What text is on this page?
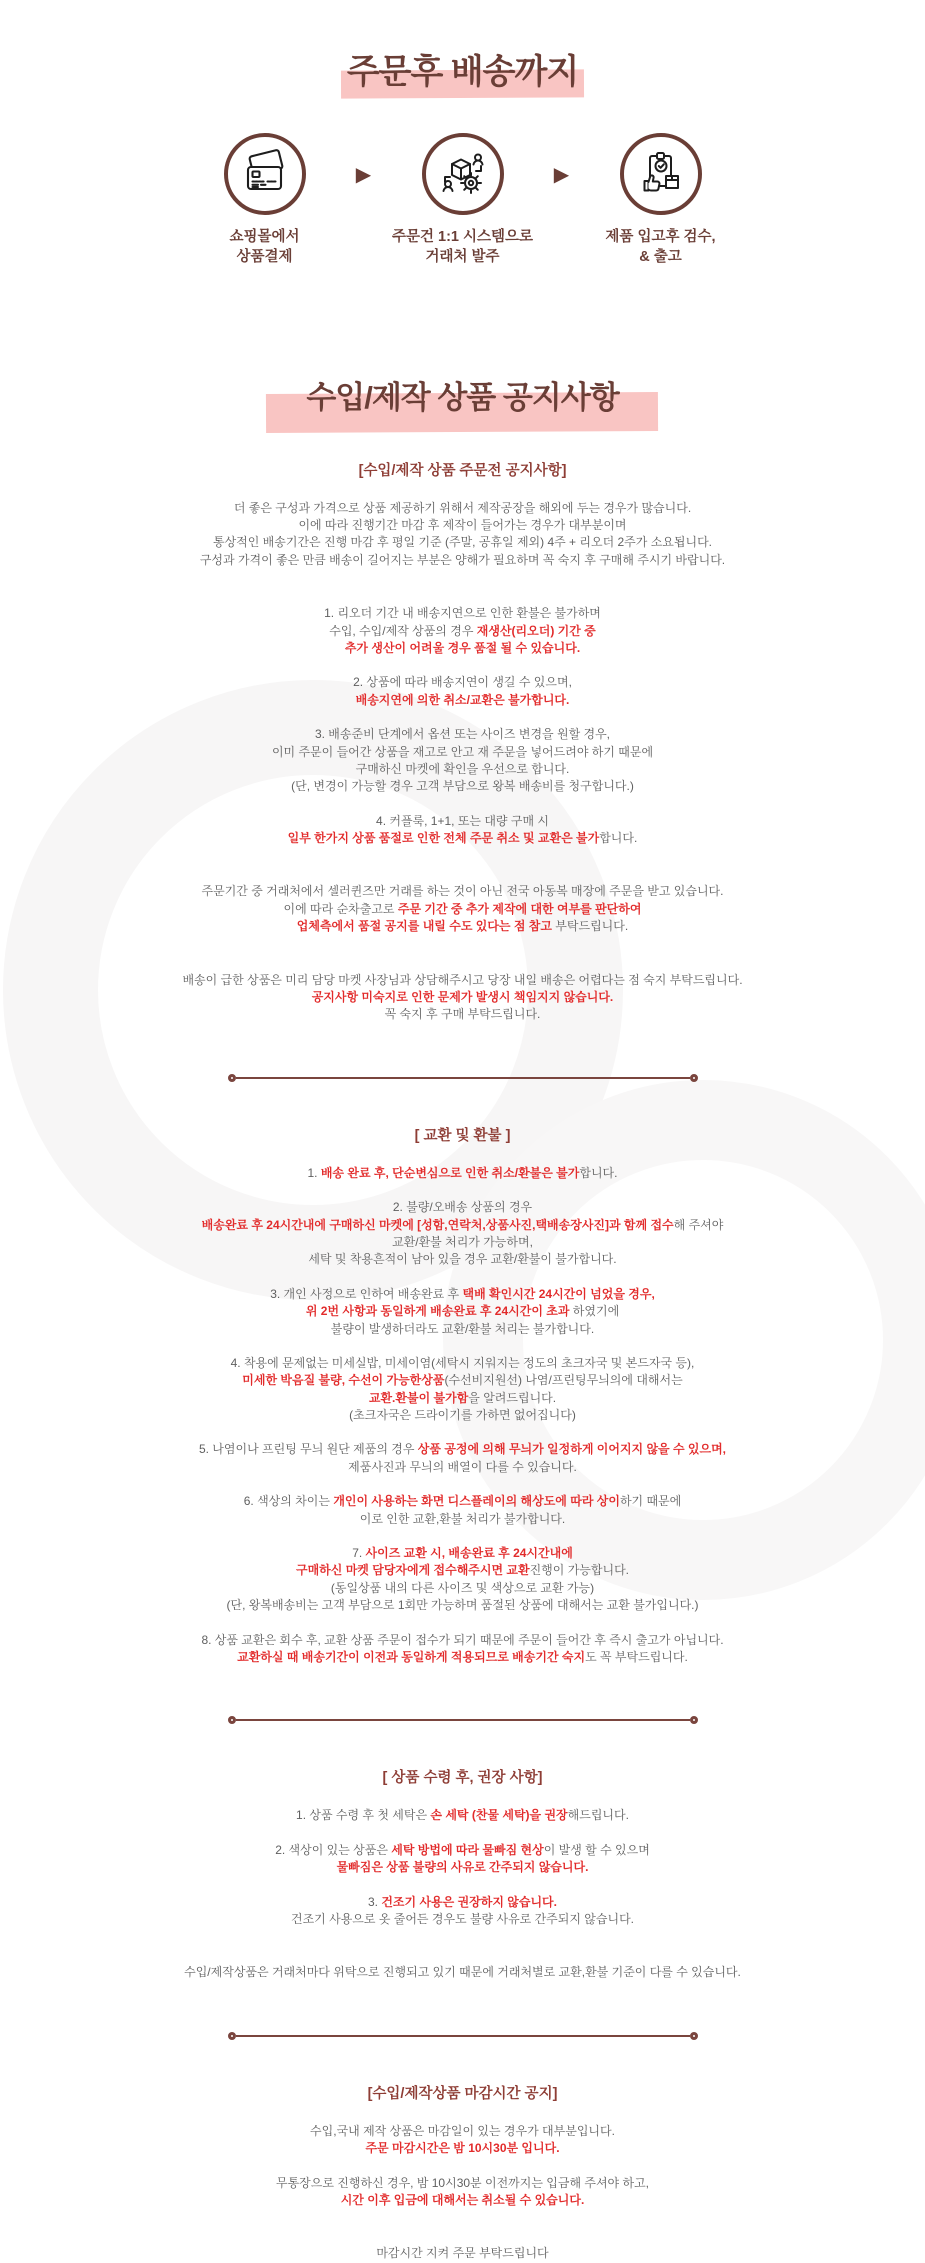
주문후 배송까지
쇼핑몰에서
상품결제
▶
주문건 1:1 시스템으로
거래처 발주
▶
제품 입고후 검수,
& 출고
수입/제작 상품 공지사항
[수입/제작 상품 주문전 공지사항]

더 좋은 구성과 가격으로 상품 제공하기 위해서 제작공장을 해외에 두는 경우가 많습니다.
이에 따라 진행기간 마감 후 제작이 들어가는 경우가 대부분이며
통상적인 배송기간은 진행 마감 후 평일 기준 (주말, 공휴일 제외) 4주 + 리오더 2주가 소요됩니다.
구성과 가격이 좋은 만큼 배송이 길어지는 부분은 양해가 필요하며 꼭 숙지 후 구매해 주시기 바랍니다.

1. 리오더 기간 내 배송지연으로 인한 환불은 불가하며
수입, 수입/제작 상품의 경우 재생산(리오더) 기간 중
추가 생산이 어려울 경우 품절 될 수 있습니다.

2. 상품에 따라 배송지연이 생길 수 있으며,
배송지연에 의한 취소/교환은 불가합니다.

3. 배송준비 단계에서 옵션 또는 사이즈 변경을 원할 경우,
이미 주문이 들어간 상품을 재고로 안고 재 주문을 넣어드려야 하기 때문에
구매하신 마켓에 확인을 우선으로 합니다.
(단, 변경이 가능할 경우 고객 부담으로 왕복 배송비를 청구합니다.)

4. 커플룩, 1+1, 또는 대량 구매 시
일부 한가지 상품 품절로 인한 전체 주문 취소 및 교환은 불가합니다.

주문기간 중 거래처에서 셀러퀸즈만 거래를 하는 것이 아닌 전국 아동복 매장에 주문을 받고 있습니다.
이에 따라 순차출고로 주문 기간 중 추가 제작에 대한 여부를 판단하여
업체측에서 품절 공지를 내릴 수도 있다는 점 참고 부탁드립니다.

배송이 급한 상품은 미리 담당 마켓 사장님과 상담해주시고 당장 내일 배송은 어렵다는 점 숙지 부탁드립니다.
공지사항 미숙지로 인한 문제가 발생시 책임지지 않습니다.
꼭 숙지 후 구매 부탁드립니다.

[ 교환 및 환불 ]

1. 배송 완료 후, 단순변심으로 인한 취소/환불은 불가합니다.

2. 불량/오배송 상품의 경우
배송완료 후 24시간내에 구매하신 마켓에 [성함,연락처,상품사진,택배송장사진]과 함께 접수해 주셔야
교환/환불 처리가 가능하며,
세탁 및 착용흔적이 남아 있을 경우 교환/환불이 불가합니다.

3. 개인 사정으로 인하여 배송완료 후 택배 확인시간 24시간이 넘었을 경우,
위 2번 사항과 동일하게 배송완료 후 24시간이 초과 하였기에
불량이 발생하더라도 교환/환불 처리는 불가합니다.

4. 착용에 문제없는 미세실밥, 미세이염(세탁시 지워지는 정도의 초크자국 및 본드자국 등),
미세한 박음질 불량, 수선이 가능한상품(수선비지원선) 나염/프린팅무늬의에 대해서는
교환.환불이 불가함을 알려드립니다.
(초크자국은 드라이기를 가하면 없어집니다)

5. 나염이나 프린팅 무늬 원단 제품의 경우 상품 공정에 의해 무늬가 일정하게 이어지지 않을 수 있으며,
제품사진과 무늬의 배열이 다를 수 있습니다.

6. 색상의 차이는 개인이 사용하는 화면 디스플레이의 해상도에 따라 상이하기 때문에
이로 인한 교환,환불 처리가 불가합니다.

7. 사이즈 교환 시, 배송완료 후 24시간내에
구매하신 마켓 담당자에게 접수해주시면 교환진행이 가능합니다.
(동일상품 내의 다른 사이즈 및 색상으로 교환 가능)
(단, 왕복배송비는 고객 부담으로 1회만 가능하며 품절된 상품에 대해서는 교환 불가입니다.)

8. 상품 교환은 회수 후, 교환 상품 주문이 접수가 되기 때문에 주문이 들어간 후 즉시 출고가 아닙니다.
교환하실 때 배송기간이 이전과 동일하게 적용되므로 배송기간 숙지도 꼭 부탁드립니다.

[ 상품 수령 후, 권장 사항]

1. 상품 수령 후 첫 세탁은 손 세탁 (찬물 세탁)을 권장해드립니다.

2. 색상이 있는 상품은 세탁 방법에 따라 물빠짐 현상이 발생 할 수 있으며
물빠짐은 상품 불량의 사유로 간주되지 않습니다.

3. 건조기 사용은 권장하지 않습니다.
건조기 사용으로 옷 줄어든 경우도 불량 사유로 간주되지 않습니다.

수입/제작상품은 거래처마다 위탁으로 진행되고 있기 때문에 거래처별로 교환,환불 기준이 다를 수 있습니다.

[수입/제작상품 마감시간 공지]

수입,국내 제작 상품은 마감일이 있는 경우가 대부분입니다.
주문 마감시간은 밤 10시30분 입니다.

무통장으로 진행하신 경우, 밤 10시30분 이전까지는 입금해 주셔야 하고,
시간 이후 입금에 대해서는 취소될 수 있습니다.

마감시간 지켜 주문 부탁드립니다
